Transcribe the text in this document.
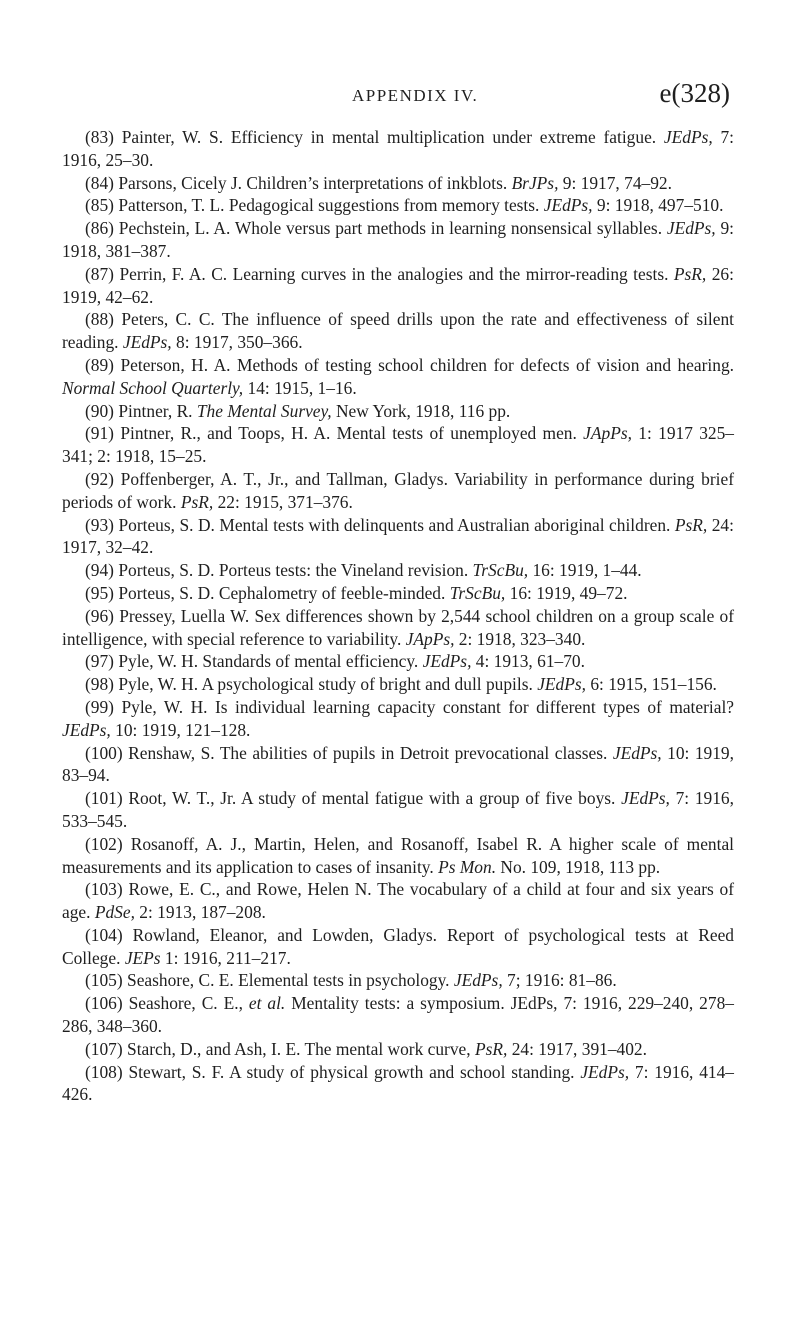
APPENDIX IV.	e(328)

(83) Painter, W. S. Efficiency in mental multiplication under extreme fatigue. JEdPs, 7: 1916, 25–30.

(84) Parsons, Cicely J. Children’s interpretations of inkblots. BrJPs, 9: 1917, 74–92.

(85) Patterson, T. L. Pedagogical suggestions from memory tests. JEdPs, 9: 1918, 497–510.

(86) Pechstein, L. A. Whole versus part methods in learning nonsensical syllables. JEdPs, 9: 1918, 381–387.

(87) Perrin, F. A. C. Learning curves in the analogies and the mirror-reading tests. PsR, 26: 1919, 42–62.

(88) Peters, C. C. The influence of speed drills upon the rate and effectiveness of silent reading. JEdPs, 8: 1917, 350–366.

(89) Peterson, H. A. Methods of testing school children for defects of vision and hearing. Normal School Quarterly, 14: 1915, 1–16.

(90) Pintner, R. The Mental Survey, New York, 1918, 116 pp.

(91) Pintner, R., and Toops, H. A. Mental tests of unemployed men. JApPs, 1: 1917 325–341; 2: 1918, 15–25.

(92) Poffenberger, A. T., Jr., and Tallman, Gladys. Variability in performance during brief periods of work. PsR, 22: 1915, 371–376.

(93) Porteus, S. D. Mental tests with delinquents and Australian aboriginal children. PsR, 24: 1917, 32–42.

(94) Porteus, S. D. Porteus tests: the Vineland revision. TrScBu, 16: 1919, 1–44.

(95) Porteus, S. D. Cephalometry of feeble-minded. TrScBu, 16: 1919, 49–72.

(96) Pressey, Luella W. Sex differences shown by 2,544 school children on a group scale of intelligence, with special reference to variability. JApPs, 2: 1918, 323–340.

(97) Pyle, W. H. Standards of mental efficiency. JEdPs, 4: 1913, 61–70.

(98) Pyle, W. H. A psychological study of bright and dull pupils. JEdPs, 6: 1915, 151–156.

(99) Pyle, W. H. Is individual learning capacity constant for different types of material? JEdPs, 10: 1919, 121–128.

(100) Renshaw, S. The abilities of pupils in Detroit prevocational classes. JEdPs, 10: 1919, 83–94.

(101) Root, W. T., Jr. A study of mental fatigue with a group of five boys. JEdPs, 7: 1916, 533–545.

(102) Rosanoff, A. J., Martin, Helen, and Rosanoff, Isabel R. A higher scale of mental measurements and its application to cases of insanity. Ps Mon. No. 109, 1918, 113 pp.

(103) Rowe, E. C., and Rowe, Helen N. The vocabulary of a child at four and six years of age. PdSe, 2: 1913, 187–208.

(104) Rowland, Eleanor, and Lowden, Gladys. Report of psychological tests at Reed College. JEPs 1: 1916, 211–217.

(105) Seashore, C. E. Elemental tests in psychology. JEdPs, 7; 1916: 81–86.

(106) Seashore, C. E., et al. Mentality tests: a symposium. JEdPs, 7: 1916, 229–240, 278–286, 348–360.

(107) Starch, D., and Ash, I. E. The mental work curve, PsR, 24: 1917, 391–402.

(108) Stewart, S. F. A study of physical growth and school standing. JEdPs, 7: 1916, 414–426.
